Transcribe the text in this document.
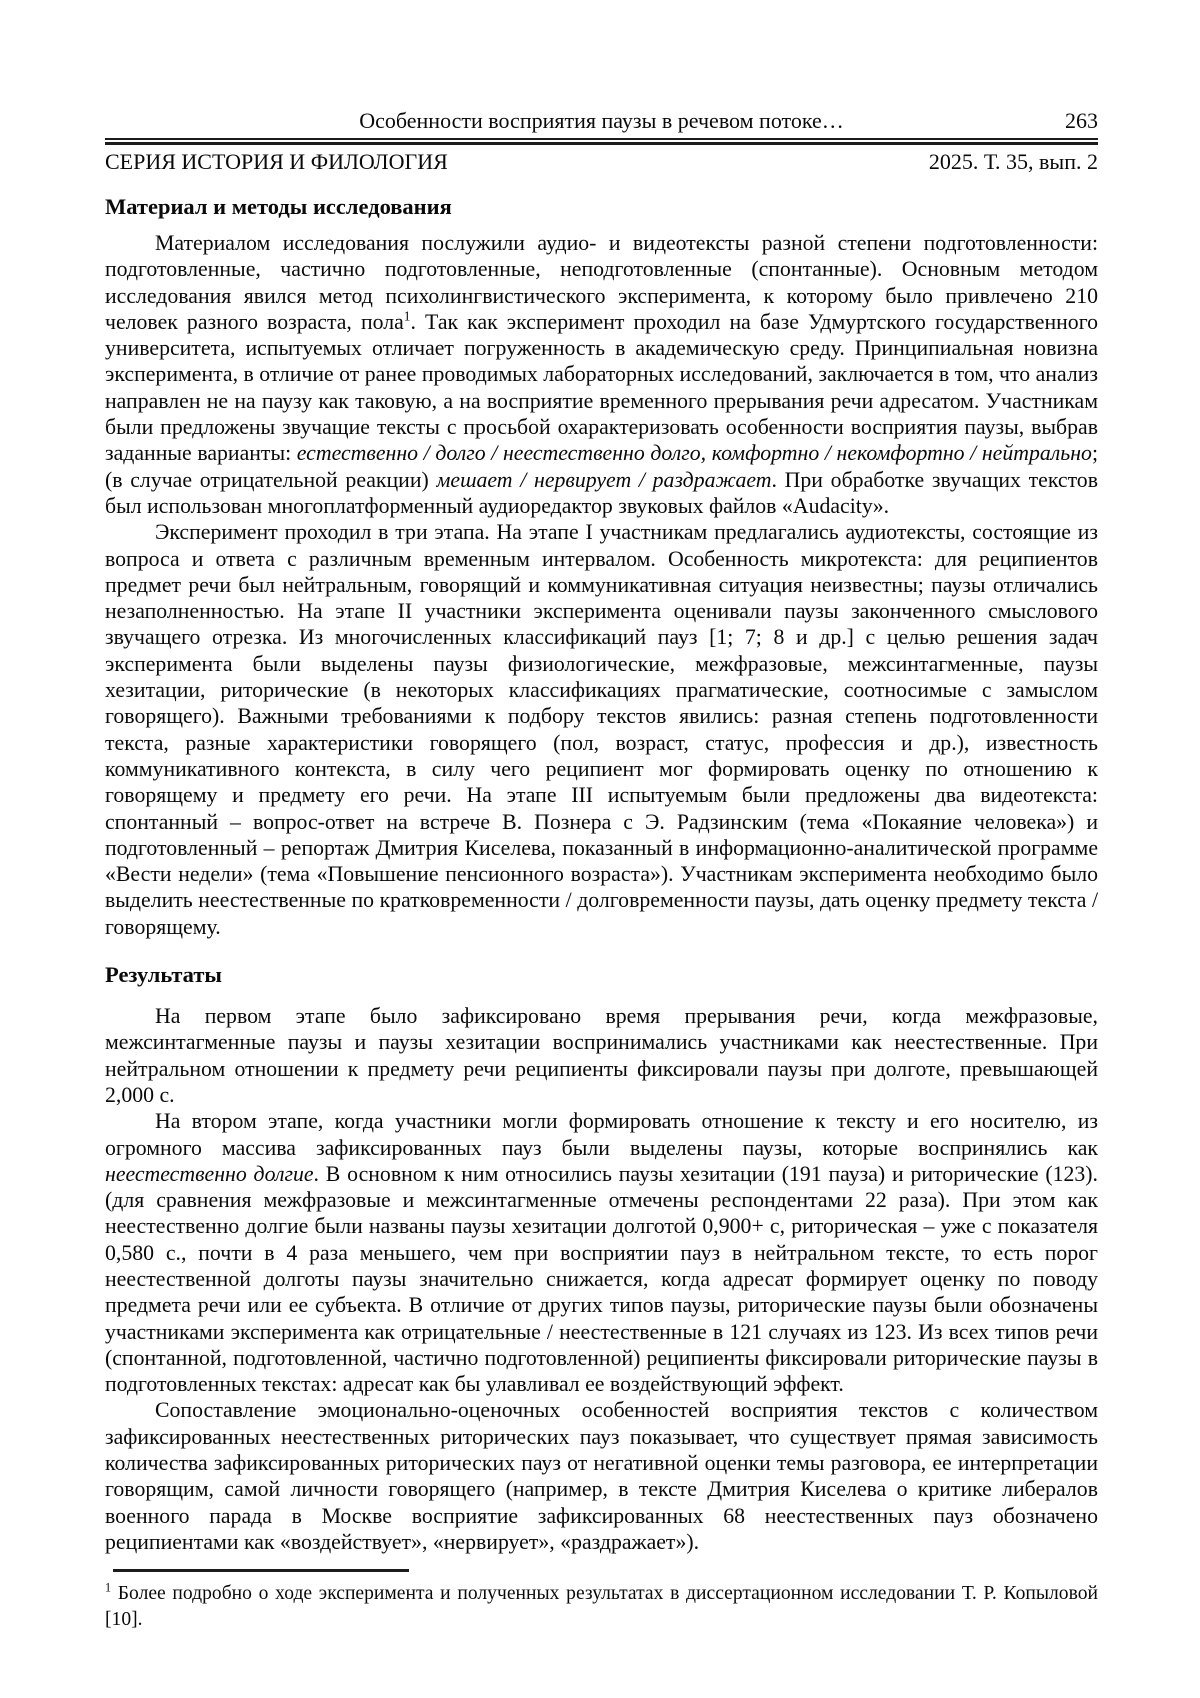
Особенности восприятия паузы в речевом потоке…	263
СЕРИЯ ИСТОРИЯ И ФИЛОЛОГИЯ	2025. Т. 35, вып. 2
Материал и методы исследования

Материалом исследования послужили аудио- и видеотексты разной степени подготовленности: подготовленные, частично подготовленные, неподготовленные (спонтанные). Основным методом исследования явился метод психолингвистического эксперимента, к которому было привлечено 210 человек разного возраста, пола$^1$. Так как эксперимент проходил на базе Удмуртского государственного университета, испытуемых отличает погруженность в академическую среду. Принципиальная новизна эксперимента, в отличие от ранее проводимых лабораторных исследований, заключается в том, что анализ направлен не на паузу как таковую, а на восприятие временного прерывания речи адресатом. Участникам были предложены звучащие тексты с просьбой охарактеризовать особенности восприятия паузы, выбрав заданные варианты: естественно / долго / неестественно долго, комфортно / некомфортно / нейтрально; (в случае отрицательной реакции) мешает / нервирует / раздражает. При обработке звучащих текстов был использован многоплатформенный аудиоредактор звуковых файлов «Audacity».

Эксперимент проходил в три этапа. На этапе I участникам предлагались аудиотексты, состоящие из вопроса и ответа с различным временным интервалом. Особенность микротекста: для реципиентов предмет речи был нейтральным, говорящий и коммуникативная ситуация неизвестны; паузы отличались незаполненностью. На этапе II участники эксперимента оценивали паузы законченного смыслового звучащего отрезка. Из многочисленных классификаций пауз [1; 7; 8 и др.] с целью решения задач эксперимента были выделены паузы физиологические, межфразовые, межсинтагменные, паузы хезитации, риторические (в некоторых классификациях прагматические, соотносимые с замыслом говорящего). Важными требованиями к подбору текстов явились: разная степень подготовленности текста, разные характеристики говорящего (пол, возраст, статус, профессия и др.), известность коммуникативного контекста, в силу чего реципиент мог формировать оценку по отношению к говорящему и предмету его речи. На этапе III испытуемым были предложены два видеотекста: спонтанный – вопрос-ответ на встрече В. Познера с Э. Радзинским (тема «Покаяние человека») и подготовленный – репортаж Дмитрия Киселева, показанный в информационно-аналитической программе «Вести недели» (тема «Повышение пенсионного возраста»). Участникам эксперимента необходимо было выделить неестественные по кратковременности / долговременности паузы, дать оценку предмету текста / говорящему.

Результаты

На первом этапе было зафиксировано время прерывания речи, когда межфразовые, межсинтагменные паузы и паузы хезитации воспринимались участниками как неестественные. При нейтральном отношении к предмету речи реципиенты фиксировали паузы при долготе, превышающей 2,000 с.

На втором этапе, когда участники могли формировать отношение к тексту и его носителю, из огромного массива зафиксированных пауз были выделены паузы, которые воспринялись как неестественно долгие. В основном к ним относились паузы хезитации (191 пауза) и риторические (123). (для сравнения межфразовые и межсинтагменные отмечены респондентами 22 раза). При этом как неестественно долгие были названы паузы хезитации долготой 0,900+ с, риторическая – уже с показателя 0,580 с., почти в 4 раза меньшего, чем при восприятии пауз в нейтральном тексте, то есть порог неестественной долготы паузы значительно снижается, когда адресат формирует оценку по поводу предмета речи или ее субъекта. В отличие от других типов паузы, риторические паузы были обозначены участниками эксперимента как отрицательные / неестественные в 121 случаях из 123. Из всех типов речи (спонтанной, подготовленной, частично подготовленной) реципиенты фиксировали риторические паузы в подготовленных текстах: адресат как бы улавливал ее воздействующий эффект.

Сопоставление эмоционально-оценочных особенностей восприятия текстов с количеством зафиксированных неестественных риторических пауз показывает, что существует прямая зависимость количества зафиксированных риторических пауз от негативной оценки темы разговора, ее интерпретации говорящим, самой личности говорящего (например, в тексте Дмитрия Киселева о критике либералов военного парада в Москве восприятие зафиксированных 68 неестественных пауз обозначено реципиентами как «воздействует», «нервирует», «раздражает»).

$^1$ Более подробно о ходе эксперимента и полученных результатах в диссертационном исследовании Т. Р. Копыловой [10].
